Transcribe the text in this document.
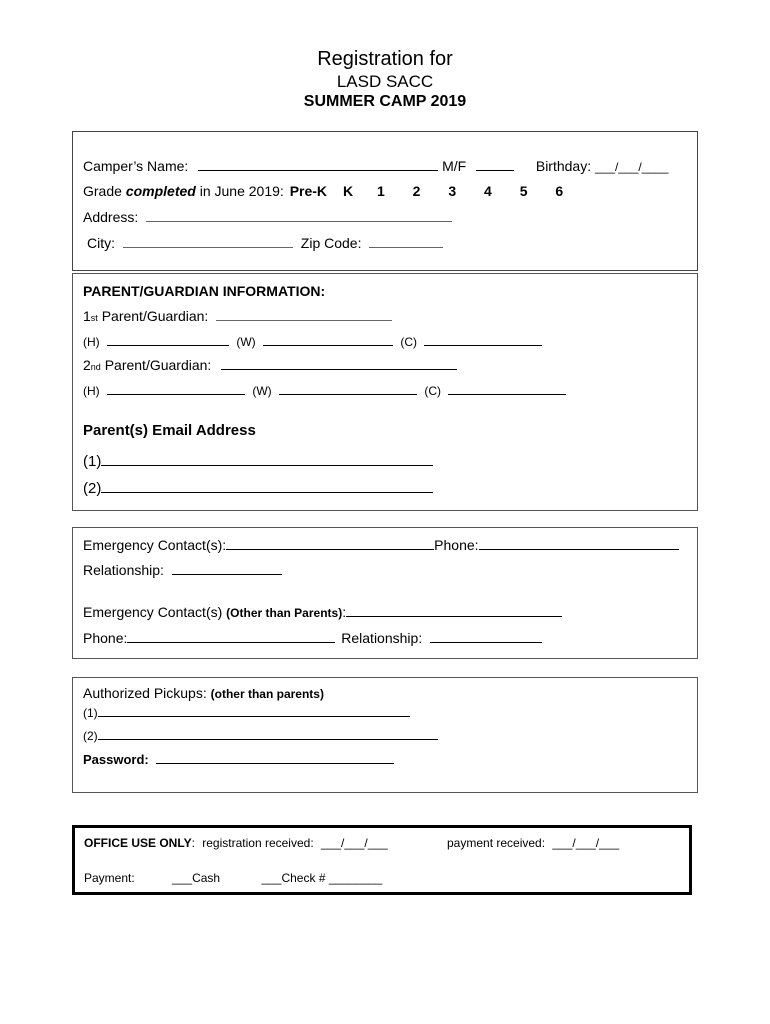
Registration for
LASD SACC
SUMMER CAMP 2019
Camper’s Name:	M/F	Birthday: ___/___/____
Grade completed in June 2019: Pre-K K 1 2 3 4 5 6
Address:
City:	Zip Code:
PARENT/GUARDIAN INFORMATION:
1st Parent/Guardian:
(H)	(W)	(C)
2nd Parent/Guardian:
(H)	(W)	(C)
Parent(s) Email Address
(1)
(2)
Emergency Contact(s):	Phone:
Relationship:
Emergency Contact(s) (Other than Parents):
Phone:	Relationship:
Authorized Pickups: (other than parents)
(1)
(2)
Password:
OFFICE USE ONLY: registration received: ___/___/___	payment received: ___/___/___
Payment:	___Cash	___Check # ________
